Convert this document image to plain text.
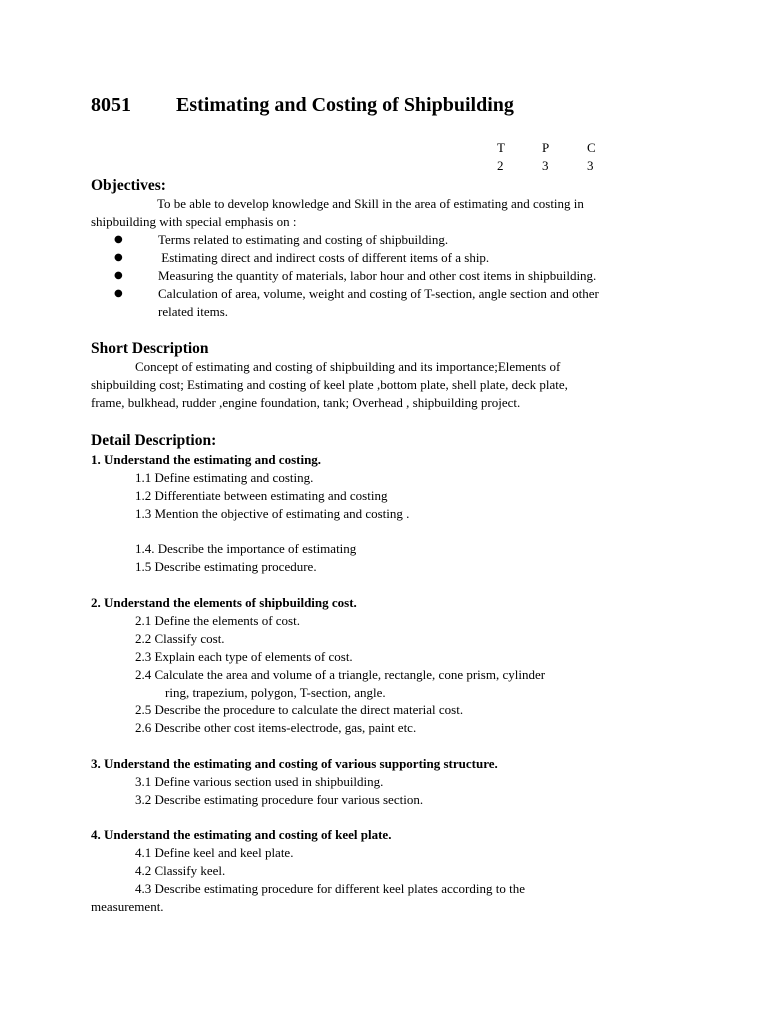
8051 Estimating and Costing of Shipbuilding
T	P	C
2	3	3
Objectives:
To be able to develop knowledge and Skill in the area of estimating and costing in
shipbuilding with special emphasis on :
●	Terms related to estimating and costing of shipbuilding.
●	Estimating direct and indirect costs of different items of a ship.
●	Measuring the quantity of materials, labor hour and other cost items in shipbuilding.
●	Calculation of area, volume, weight and costing of T-section, angle section and other
related items.
Short Description
Concept of estimating and costing of shipbuilding and its importance;Elements of
shipbuilding cost; Estimating and costing of keel plate ,bottom plate, shell plate, deck plate,
frame, bulkhead, rudder ,engine foundation, tank; Overhead , shipbuilding project.
Detail Description:
1. Understand the estimating and costing.
1.1 Define estimating and costing.
1.2 Differentiate between estimating and costing
1.3 Mention the objective of estimating and costing .
1.4. Describe the importance of estimating
1.5 Describe estimating procedure.
2. Understand the elements of shipbuilding cost.
2.1 Define the elements of cost.
2.2 Classify cost.
2.3 Explain each type of elements of cost.
2.4 Calculate the area and volume of a triangle, rectangle, cone prism, cylinder
ring, trapezium, polygon, T-section, angle.
2.5 Describe the procedure to calculate the direct material cost.
2.6 Describe other cost items-electrode, gas, paint etc.
3. Understand the estimating and costing of various supporting structure.
3.1 Define various section used in shipbuilding.
3.2 Describe estimating procedure four various section.
4. Understand the estimating and costing of keel plate.
4.1 Define keel and keel plate.
4.2 Classify keel.
4.3 Describe estimating procedure for different keel plates according to the
measurement.
